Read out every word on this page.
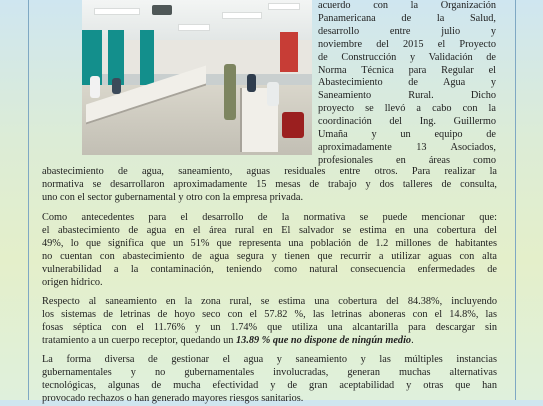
acuerdo con la Organización
Panamericana de la Salud,
desarrollo entre julio y
noviembre del 2015 el Proyecto
de Construcción y Validación de
Norma Técnica para Regular el
Abastecimiento de Agua y
Saneamiento Rural. Dicho
proyecto se llevó a cabo con la
coordinación del Ing. Guillermo
Umaña y un equipo de
aproximadamente 13 Asociados,
profesionales en áreas como
abastecimiento de agua, saneamiento, aguas residuales entre otros. Para realizar la
normativa se desarrollaron aproximadamente 15 mesas de trabajo y dos talleres de consulta,
uno con el sector gubernamental y otro con la empresa privada.
Como antecedentes para el desarrollo de la normativa se puede mencionar que:
el abastecimiento de agua en el área rural en El salvador se estima en una cobertura del
49%, lo que significa que un 51% que representa una población de 1.2 millones de habitantes
no cuentan con abastecimiento de agua segura y tienen que recurrir a utilizar aguas con alta
vulnerabilidad a la contaminación, teniendo como natural consecuencia enfermedades de
origen hídrico.
Respecto al saneamiento en la zona rural, se estima una cobertura del 84.38%, incluyendo
los sistemas de letrinas de hoyo seco con el 57.82 %, las letrinas aboneras con el 14.8%, las
fosas séptica con el 11.76% y un 1.74% que utiliza una alcantarilla para descargar sin
tratamiento a un cuerpo receptor, quedando un 13.89 % que no dispone de ningún medio.
La forma diversa de gestionar el agua y saneamiento y las múltiples instancias
gubernamentales y no gubernamentales involucradas, generan muchas alternativas
tecnológicas, algunas de mucha efectividad y de gran aceptabilidad y otras que han
provocado rechazos o han generado mayores riesgos sanitarios.
